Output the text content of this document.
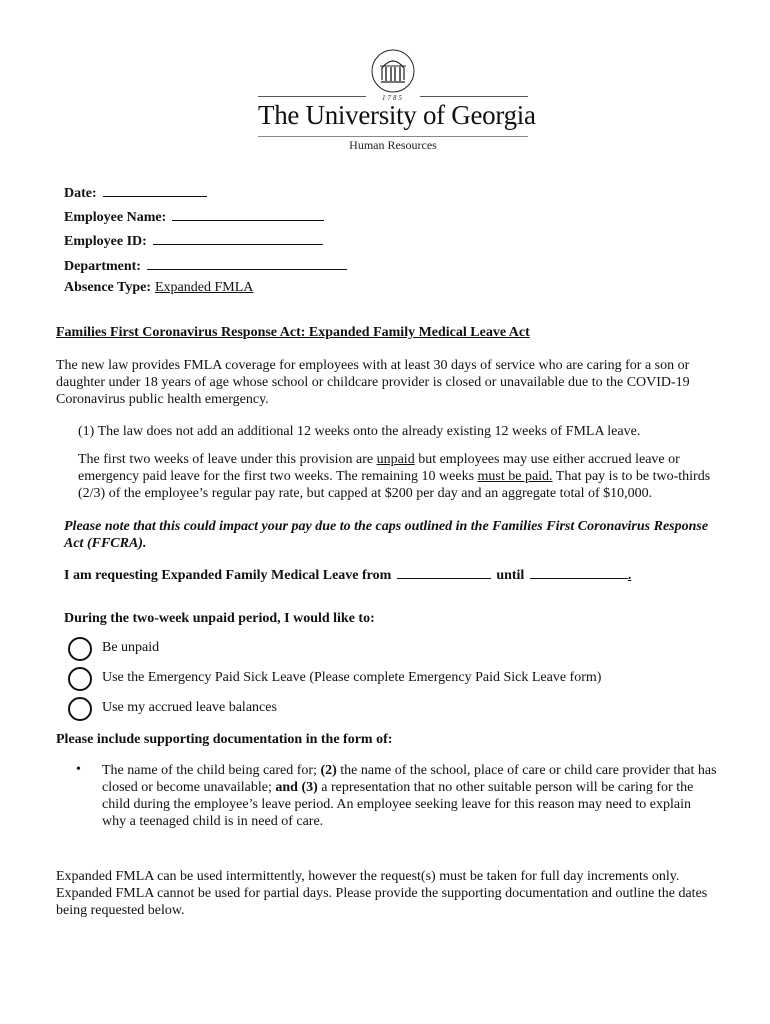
1785
The University of Georgia
Human Resources
Date:
Employee Name:
Employee ID:
Department:
Absence Type: Expanded FMLA
Families First Coronavirus Response Act: Expanded Family Medical Leave Act
The new law provides FMLA coverage for employees with at least 30 days of service who are caring for a son or daughter under 18 years of age whose school or childcare provider is closed or unavailable due to the COVID-19 Coronavirus public health emergency.
(1) The law does not add an additional 12 weeks onto the already existing 12 weeks of FMLA leave.
The first two weeks of leave under this provision are unpaid but employees may use either accrued leave or emergency paid leave for the first two weeks. The remaining 10 weeks must be paid. That pay is to be two-thirds (2/3) of the employee’s regular pay rate, but capped at $200 per day and an aggregate total of $10,000.
Please note that this could impact your pay due to the caps outlined in the Families First Coronavirus Response Act (FFCRA).
I am requesting Expanded Family Medical Leave from	until	.
During the two-week unpaid period, I would like to:
Be unpaid
Use the Emergency Paid Sick Leave (Please complete Emergency Paid Sick Leave form)
Use my accrued leave balances
Please include supporting documentation in the form of:
• The name of the child being cared for; (2) the name of the school, place of care or child care provider that has closed or become unavailable; and (3) a representation that no other suitable person will be caring for the child during the employee’s leave period. An employee seeking leave for this reason may need to explain why a teenaged child is in need of care.
Expanded FMLA can be used intermittently, however the request(s) must be taken for full day increments only. Expanded FMLA cannot be used for partial days. Please provide the supporting documentation and outline the dates being requested below.
